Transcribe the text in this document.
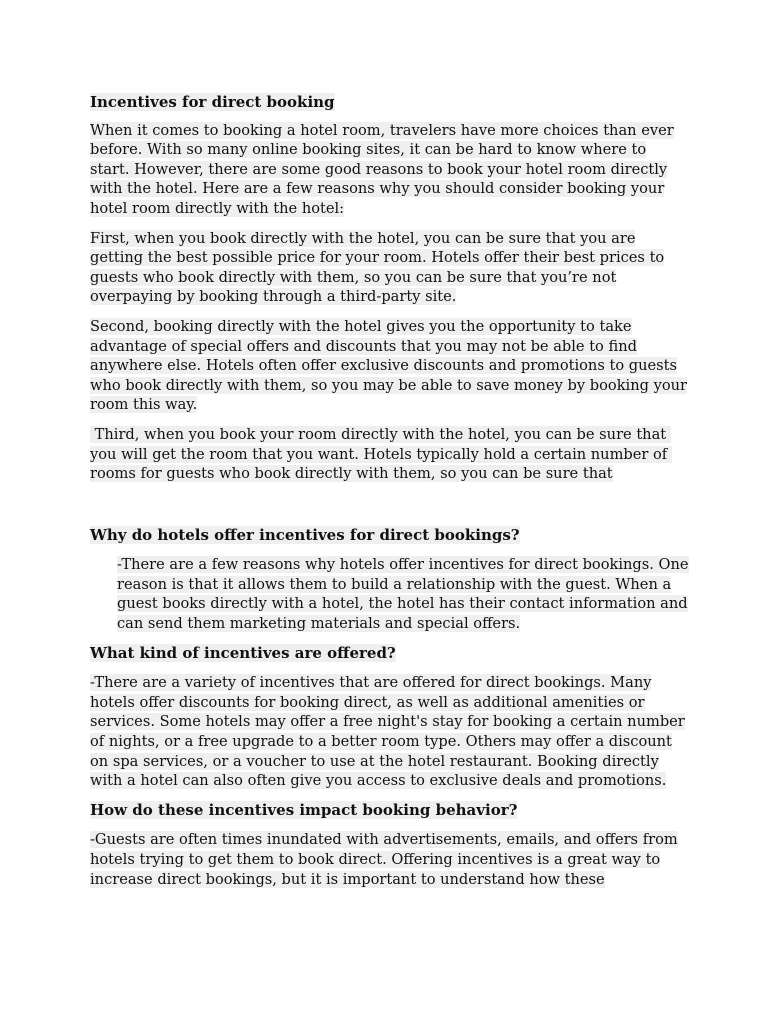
Incentives for direct booking
When it comes to booking a hotel room, travelers have more choices than ever before. With so many online booking sites, it can be hard to know where to start. However, there are some good reasons to book your hotel room directly with the hotel. Here are a few reasons why you should consider booking your hotel room directly with the hotel:
First, when you book directly with the hotel, you can be sure that you are getting the best possible price for your room. Hotels offer their best prices to guests who book directly with them, so you can be sure that you’re not overpaying by booking through a third-party site.
Second, booking directly with the hotel gives you the opportunity to take advantage of special offers and discounts that you may not be able to find anywhere else. Hotels often offer exclusive discounts and promotions to guests who book directly with them, so you may be able to save money by booking your room this way.
Third, when you book your room directly with the hotel, you can be sure that you will get the room that you want. Hotels typically hold a certain number of rooms for guests who book directly with them, so you can be sure that
Why do hotels offer incentives for direct bookings?
-There are a few reasons why hotels offer incentives for direct bookings. One reason is that it allows them to build a relationship with the guest. When a guest books directly with a hotel, the hotel has their contact information and can send them marketing materials and special offers.
What kind of incentives are offered?
-There are a variety of incentives that are offered for direct bookings. Many hotels offer discounts for booking direct, as well as additional amenities or services. Some hotels may offer a free night's stay for booking a certain number of nights, or a free upgrade to a better room type. Others may offer a discount on spa services, or a voucher to use at the hotel restaurant. Booking directly with a hotel can also often give you access to exclusive deals and promotions.
How do these incentives impact booking behavior?
-Guests are often times inundated with advertisements, emails, and offers from hotels trying to get them to book direct. Offering incentives is a great way to increase direct bookings, but it is important to understand how these
